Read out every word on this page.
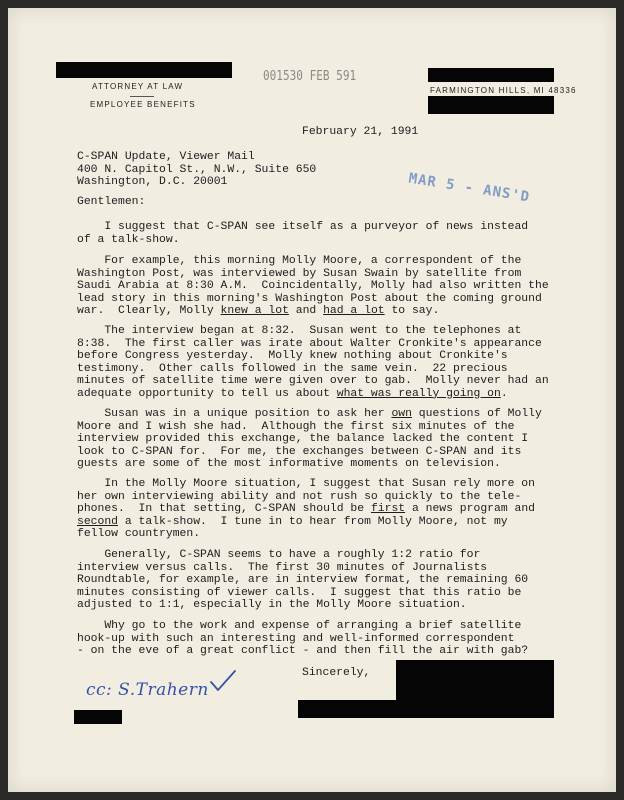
ATTORNEY AT LAW
EMPLOYEE BENEFITS
FARMINGTON HILLS, MI 48336
001530 FEB 591
MAR 5 - ANS'D
February 21, 1991
C-SPAN Update, Viewer Mail
400 N. Capitol St., N.W., Suite 650
Washington, D.C. 20001
Gentlemen:
I suggest that C-SPAN see itself as a purveyor of news instead
of a talk-show.
For example, this morning Molly Moore, a correspondent of the
Washington Post, was interviewed by Susan Swain by satellite from
Saudi Arabia at 8:30 A.M.  Coincidentally, Molly had also written the
lead story in this morning's Washington Post about the coming ground
war.  Clearly, Molly knew a lot and had a lot to say.
The interview began at 8:32.  Susan went to the telephones at
8:38.  The first caller was irate about Walter Cronkite's appearance
before Congress yesterday.  Molly knew nothing about Cronkite's
testimony.  Other calls followed in the same vein.  22 precious
minutes of satellite time were given over to gab.  Molly never had an
adequate opportunity to tell us about what was really going on.
Susan was in a unique position to ask her own questions of Molly
Moore and I wish she had.  Although the first six minutes of the
interview provided this exchange, the balance lacked the content I
look to C-SPAN for.  For me, the exchanges between C-SPAN and its
guests are some of the most informative moments on television.
In the Molly Moore situation, I suggest that Susan rely more on
her own interviewing ability and not rush so quickly to the tele-
phones.  In that setting, C-SPAN should be first a news program and
second a talk-show.  I tune in to hear from Molly Moore, not my
fellow countrymen.
Generally, C-SPAN seems to have a roughly 1:2 ratio for
interview versus calls.  The first 30 minutes of Journalists
Roundtable, for example, are in interview format, the remaining 60
minutes consisting of viewer calls.  I suggest that this ratio be
adjusted to 1:1, especially in the Molly Moore situation.
Why go to the work and expense of arranging a brief satellite
hook-up with such an interesting and well-informed correspondent
- on the eve of a great conflict - and then fill the air with gab?
Sincerely,
cc: S.Trahern
